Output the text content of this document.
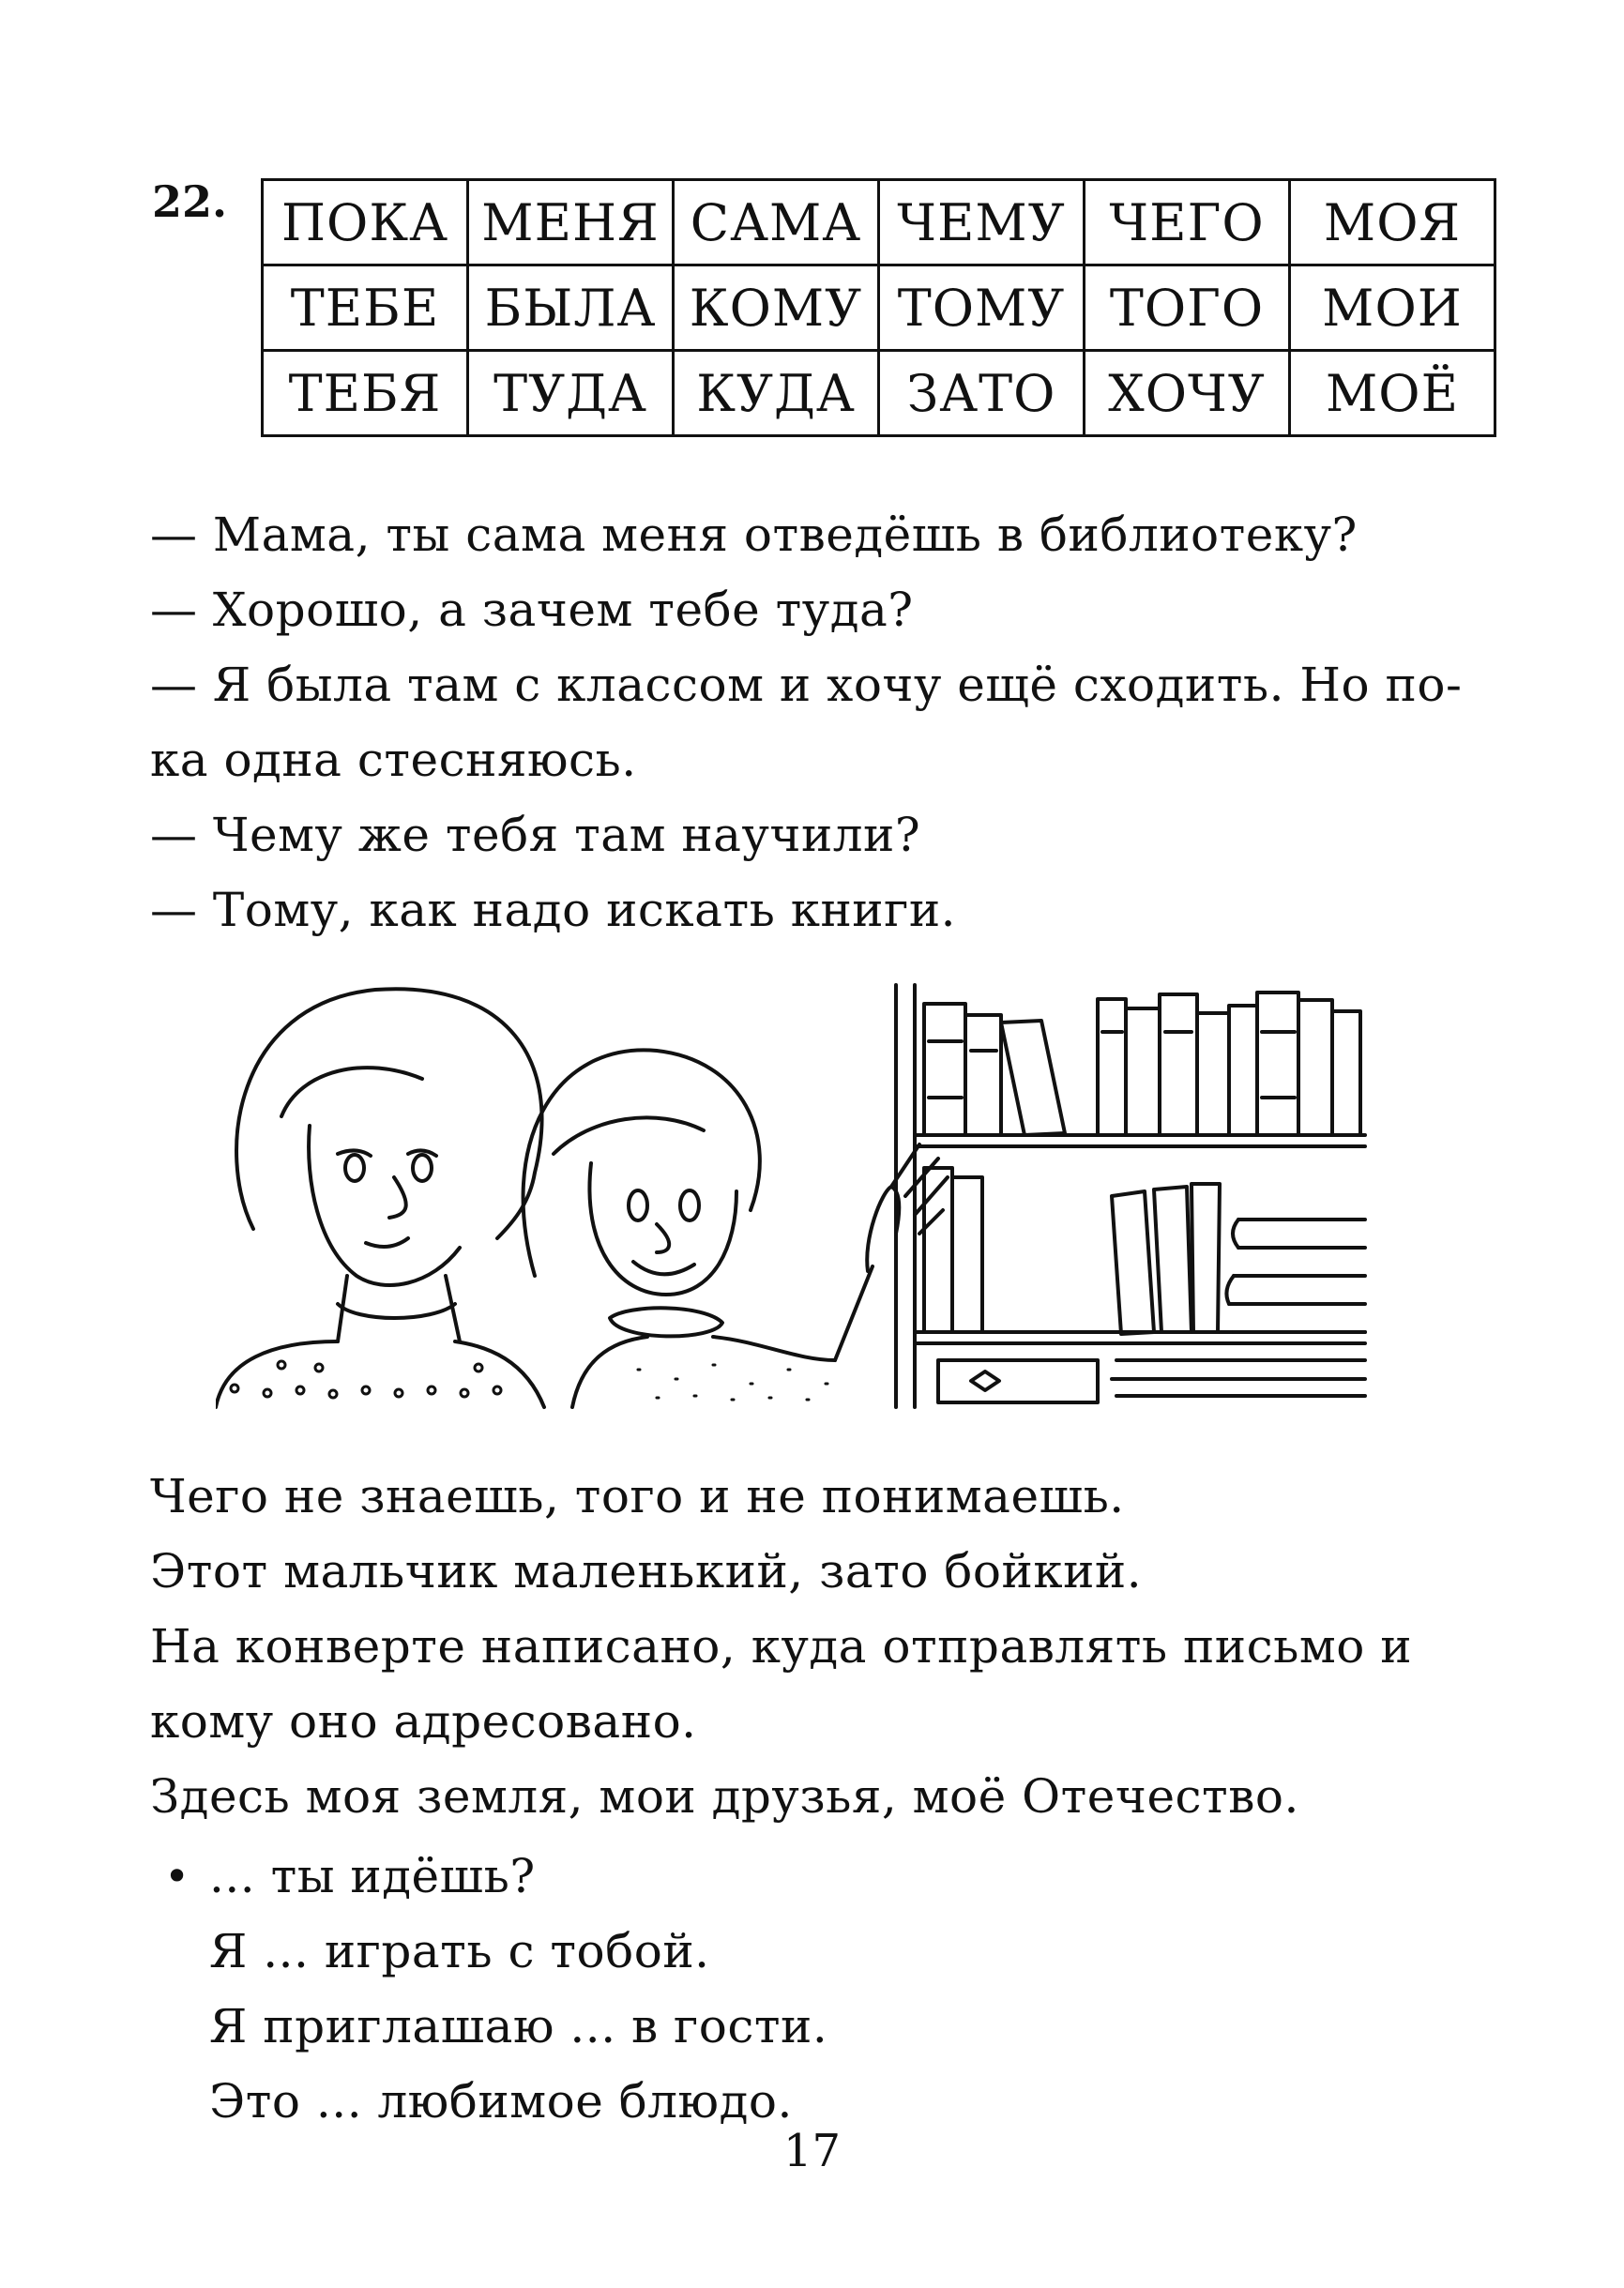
22. ПОКА	МЕНЯ	САМА	ЧЕМУ	ЧЕГО	МОЯ
ТЕБЕ	БЫЛА	КОМУ	ТОМУ	ТОГО	МОИ
ТЕБЯ	ТУДА	КУДА	ЗАТО	ХОЧУ	МОЁ

— Мама, ты сама меня отведёшь в библиотеку?

— Хорошо, а зачем тебе туда?

— Я была там с классом и хочу ещё сходить. Но по-

ка одна стесняюсь.

— Чему же тебя там научили?

— Тому, как надо искать книги.

Чего не знаешь, того и не понимаешь.

Этот мальчик маленький, зато бойкий.

На конверте написано, куда отправлять письмо и

кому оно адресовано.

Здесь моя земля, мои друзья, моё Отечество.

• ... ты идёшь?

Я ... играть с тобой.

Я приглашаю ... в гости.

Это ... любимое блюдо.

17
